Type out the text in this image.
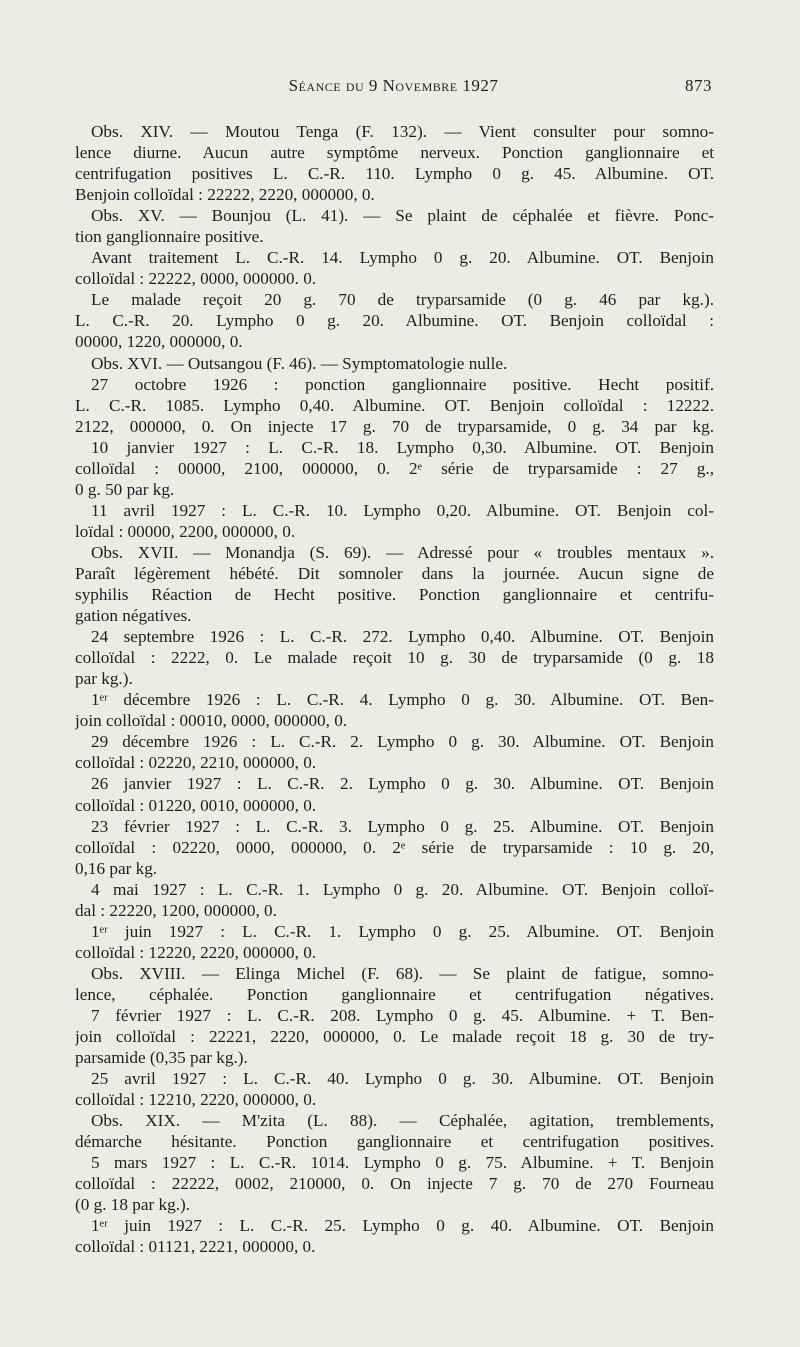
Séance du 9 Novembre 1927	873
Obs. XIV. — Moutou Tenga (F. 132). — Vient consulter pour somno-
lence diurne. Aucun autre symptôme nerveux. Ponction ganglionnaire et
centrifugation positives L. C.-R. 110. Lympho 0 g. 45. Albumine. OT.
Benjoin colloïdal : 22222, 2220, 000000, 0.
Obs. XV. — Bounjou (L. 41). — Se plaint de céphalée et fièvre. Ponc-
tion ganglionnaire positive.
Avant traitement L. C.-R. 14. Lympho 0 g. 20. Albumine. OT. Benjoin
colloïdal : 22222, 0000, 000000. 0.
Le malade reçoit 20 g. 70 de tryparsamide (0 g. 46 par kg.).
L. C.-R. 20. Lympho 0 g. 20. Albumine. OT. Benjoin colloïdal :
00000, 1220, 000000, 0.
Obs. XVI. — Outsangou (F. 46). — Symptomatologie nulle.
27 octobre 1926 : ponction ganglionnaire positive. Hecht positif.
L. C.-R. 1085. Lympho 0,40. Albumine. OT. Benjoin colloïdal : 12222.
2122, 000000, 0. On injecte 17 g. 70 de tryparsamide, 0 g. 34 par kg.
10 janvier 1927 : L. C.-R. 18. Lympho 0,30. Albumine. OT. Benjoin
colloïdal : 00000, 2100, 000000, 0. 2ᵉ série de tryparsamide : 27 g.,
0 g. 50 par kg.
11 avril 1927 : L. C.-R. 10. Lympho 0,20. Albumine. OT. Benjoin col-
loïdal : 00000, 2200, 000000, 0.
Obs. XVII. — Monandja (S. 69). — Adressé pour « troubles mentaux ».
Paraît légèrement hébété. Dit somnoler dans la journée. Aucun signe de
syphilis Réaction de Hecht positive. Ponction ganglionnaire et centrifu-
gation négatives.
24 septembre 1926 : L. C.-R. 272. Lympho 0,40. Albumine. OT. Benjoin
colloïdal : 2222, 0. Le malade reçoit 10 g. 30 de tryparsamide (0 g. 18
par kg.).
1ᵉʳ décembre 1926 : L. C.-R. 4. Lympho 0 g. 30. Albumine. OT. Ben-
join colloïdal : 00010, 0000, 000000, 0.
29 décembre 1926 : L. C.-R. 2. Lympho 0 g. 30. Albumine. OT. Benjoin
colloïdal : 02220, 2210, 000000, 0.
26 janvier 1927 : L. C.-R. 2. Lympho 0 g. 30. Albumine. OT. Benjoin
colloïdal : 01220, 0010, 000000, 0.
23 février 1927 : L. C.-R. 3. Lympho 0 g. 25. Albumine. OT. Benjoin
colloïdal : 02220, 0000, 000000, 0. 2ᵉ série de tryparsamide : 10 g. 20,
0,16 par kg.
4 mai 1927 : L. C.-R. 1. Lympho 0 g. 20. Albumine. OT. Benjoin colloï-
dal : 22220, 1200, 000000, 0.
1ᵉʳ juin 1927 : L. C.-R. 1. Lympho 0 g. 25. Albumine. OT. Benjoin
colloïdal : 12220, 2220, 000000, 0.
Obs. XVIII. — Elinga Michel (F. 68). — Se plaint de fatigue, somno-
lence, céphalée. Ponction ganglionnaire et centrifugation négatives.
7 février 1927 : L. C.-R. 208. Lympho 0 g. 45. Albumine. + T. Ben-
join colloïdal : 22221, 2220, 000000, 0. Le malade reçoit 18 g. 30 de try-
parsamide (0,35 par kg.).
25 avril 1927 : L. C.-R. 40. Lympho 0 g. 30. Albumine. OT. Benjoin
colloïdal : 12210, 2220, 000000, 0.
Obs. XIX. — M'zita (L. 88). — Céphalée, agitation, tremblements,
démarche hésitante. Ponction ganglionnaire et centrifugation positives.
5 mars 1927 : L. C.-R. 1014. Lympho 0 g. 75. Albumine. + T. Benjoin
colloïdal : 22222, 0002, 210000, 0. On injecte 7 g. 70 de 270 Fourneau
(0 g. 18 par kg.).
1ᵉʳ juin 1927 : L. C.-R. 25. Lympho 0 g. 40. Albumine. OT. Benjoin
colloïdal : 01121, 2221, 000000, 0.
